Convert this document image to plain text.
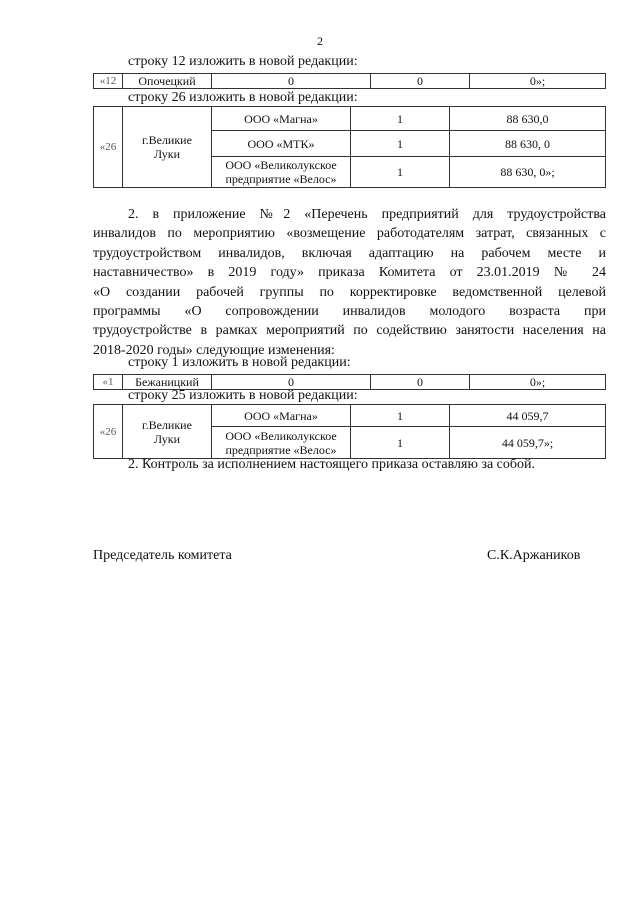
2
строку 12 изложить в новой редакции:
«12	Опочецкий	0	0	0»;
строку 26 изложить в новой редакции:
«26	г.Великие
Луки	ООО «Магна»	1	88 630,0

		ООО «МТК»	1	88 630, 0

		ООО «Великолукское
предприятие «Велос»	1	88 630, 0»;

2. в приложение №2 «Перечень предприятий для трудоустройства

инвалидов по мероприятию «возмещение работодателям затрат, связанных с

трудоустройством инвалидов, включая адаптацию на рабочем месте и

наставничество» в 2019 году» приказа Комитета от 23.01.2019 № 24

«О создании рабочей группы по корректировке ведомственной целевой

программы «О сопровождении инвалидов молодого возраста при

трудоустройстве в рамках мероприятий по содействию занятости населения на

2018-2020 годы» следующие изменения:

строку 1 изложить в новой редакции:
«1	Бежаницкий	0	0	0»;
строку 25 изложить в новой редакции:
«26	г.Великие
Луки	ООО «Магна»	1	44 059,7

		ООО «Великолукское
предприятие «Велос»	1	44 059,7»;
2. Контроль за исполнением настоящего приказа оставляю за собой.
Председатель комитета	С.К.Аржаников
